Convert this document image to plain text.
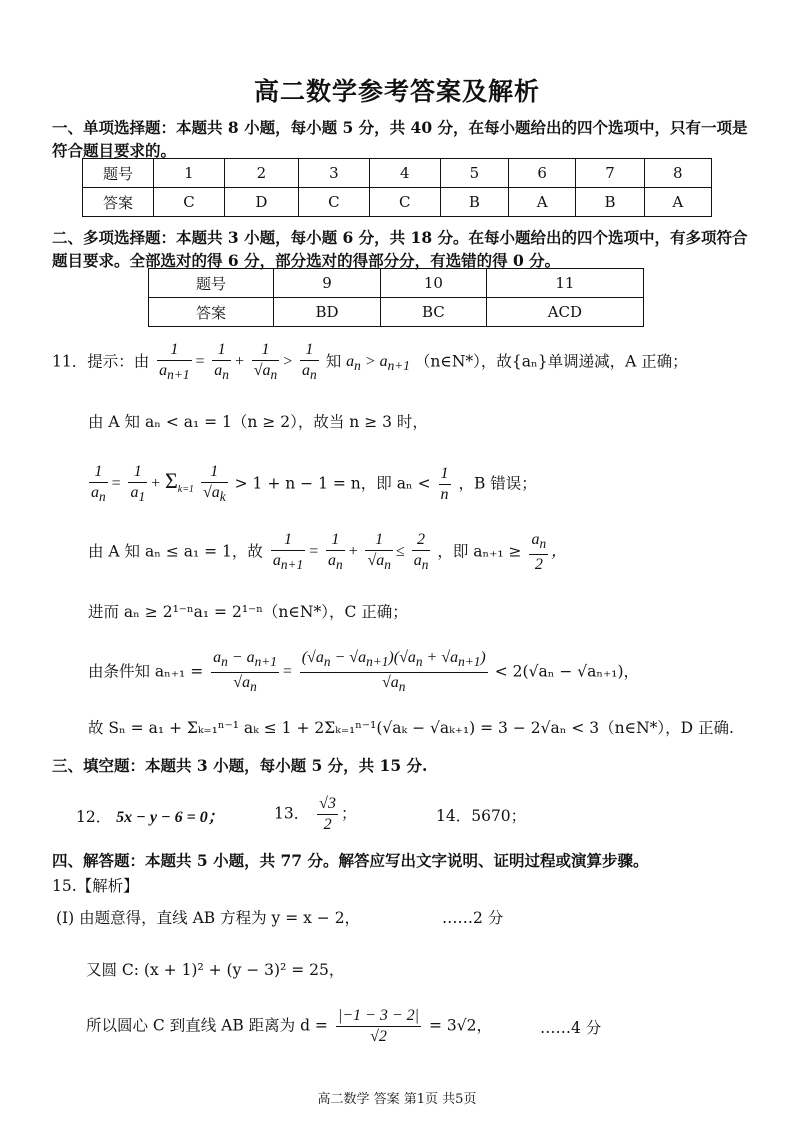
高二数学参考答案及解析
一、单项选择题：本题共 8 小题，每小题 5 分，共 40 分，在每小题给出的四个选项中，只有一项是
符合题目要求的。
题号	1	2	3	4	5	6	7	8
答案	C	D	C	C	B	A	B	A
二、多项选择题：本题共 3 小题，每小题 6 分，共 18 分。在每小题给出的四个选项中，有多项符合
题目要求。全部选对的得 6 分，部分选对的得部分分，有选错的得 0 分。
题号	9	10	11
答案	BD	BC	ACD
11．提示：由 $\frac{1}{a_{n+1}} = \frac{1}{a_n} + \frac{1}{√a_n} > \frac{1}{a_n}$ 知 $a_n > a_{n+1}$ （n∈N*），故{aₙ}单调递减，A 正确；
由 A 知 aₙ < a₁ = 1（n ≥ 2），故当 n ≥ 3 时，
$\frac{1}{a_n} = \frac{1}{a_1} + \Sigma_{k=1} \frac{1}{√a_k} > 1 + n - 1 = n$，即 $a_n < \frac{1}{n}$ ，B 错误；
由 A 知 aₙ ≤ a₁ = 1，故 $\frac{1}{a_{n+1}} = \frac{1}{a_n} + \frac{1}{√a_n} \le \frac{2}{a_n}$ ，即 $a_{n+1} \ge \frac{a_n}{2}$ ，
进而 aₙ ≥ 2¹⁻ⁿa₁ = 2¹⁻ⁿ（n∈N*），C 正确；
由条件知 $a_{n+1} = \frac{a_n - a_{n+1}}{√a_n} = \frac{(√a_n - √a_{n+1})(√a_n + √a_{n+1})}{√a_n} < 2(√a_n - √a_{n+1})$，
故 Sₙ = a₁ + Σₖ₌₁ⁿ⁻¹ aₖ ≤ 1 + 2Σₖ₌₁ⁿ⁻¹(√aₖ − √aₖ₊₁) = 3 − 2√aₙ < 3（n∈N*），D 正确.
三、填空题：本题共 3 小题，每小题 5 分，共 15 分.
12． 5x − y − 6 = 0；	13． $\frac{√3}{2}$ ；	14．5670；
四、解答题：本题共 5 小题，共 77 分。解答应写出文字说明、证明过程或演算步骤。
15.【解析】
(I) 由题意得，直线 AB 方程为 y = x − 2，	……2 分
又圆 C: (x + 1)² + (y − 3)² = 25，
所以圆心 C 到直线 AB 距离为 $d = \frac{|-1 - 3 - 2|}{√2} = 3√2$，	……4 分
高二数学 答案 第1页 共5页
